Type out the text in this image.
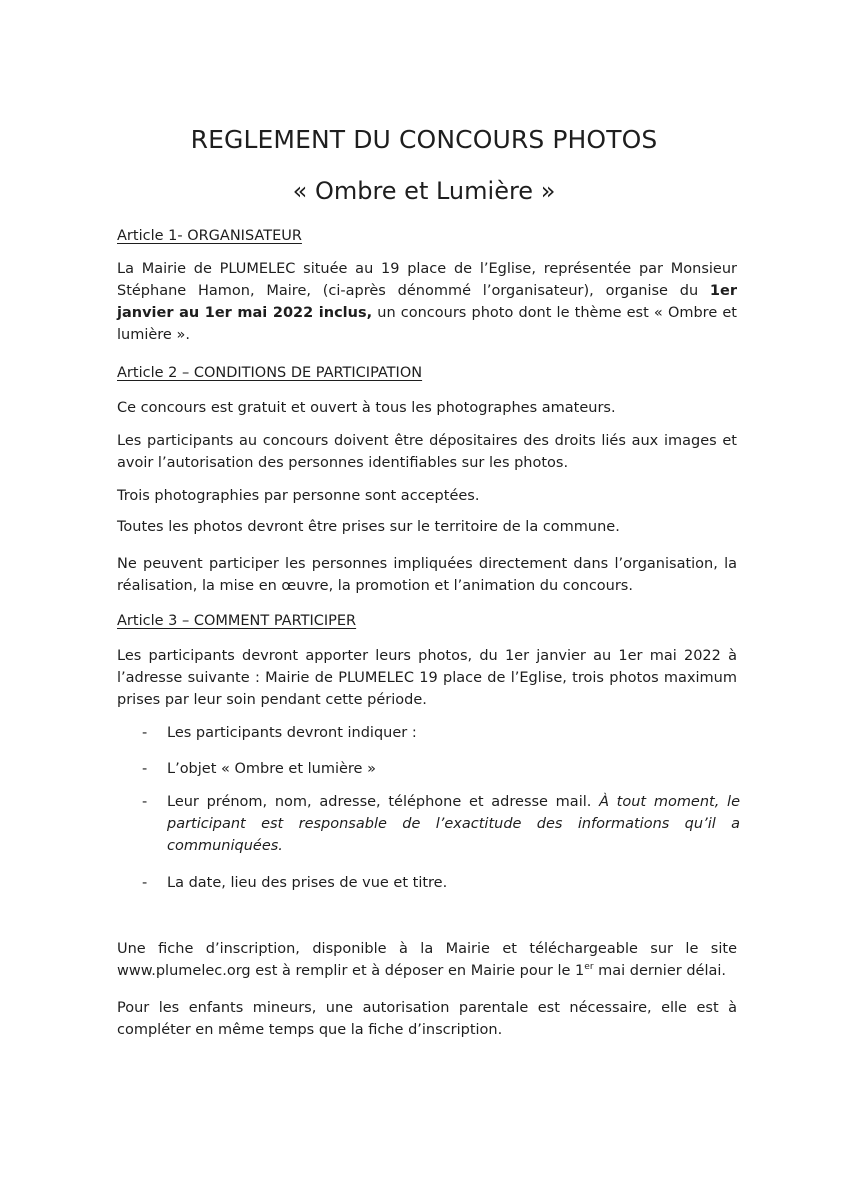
REGLEMENT DU CONCOURS PHOTOS
« Ombre et Lumière »
Article 1- ORGANISATEUR
La Mairie de PLUMELEC située au 19 place de l’Eglise, représentée par Monsieur Stéphane Hamon, Maire, (ci-après dénommé l’organisateur), organise du 1er janvier au 1er mai 2022 inclus, un concours photo dont le thème est « Ombre et lumière ».
Article 2 – CONDITIONS DE PARTICIPATION
Ce concours est gratuit et ouvert à tous les photographes amateurs.
Les participants au concours doivent être dépositaires des droits liés aux images et avoir l’autorisation des personnes identifiables sur les photos.
Trois photographies par personne sont acceptées.
Toutes les photos devront être prises sur le territoire de la commune.
Ne peuvent participer les personnes impliquées directement dans l’organisation, la réalisation, la mise en œuvre, la promotion et l’animation du concours.
Article 3 – COMMENT PARTICIPER
Les participants devront apporter leurs photos, du 1er janvier au 1er mai 2022 à l’adresse suivante : Mairie de PLUMELEC 19 place de l’Eglise, trois photos maximum prises par leur soin pendant cette période.
-	Les participants devront indiquer :
-	L’objet « Ombre et lumière »
-	Leur prénom, nom, adresse, téléphone et adresse mail. À tout moment, le participant est responsable de l’exactitude des informations qu’il a communiquées.
-	La date, lieu des prises de vue et titre.
Une fiche d’inscription, disponible à la Mairie et téléchargeable sur le site www.plumelec.org est à remplir et à déposer en Mairie pour le 1er mai dernier délai.
Pour les enfants mineurs, une autorisation parentale est nécessaire, elle est à compléter en même temps que la fiche d’inscription.
